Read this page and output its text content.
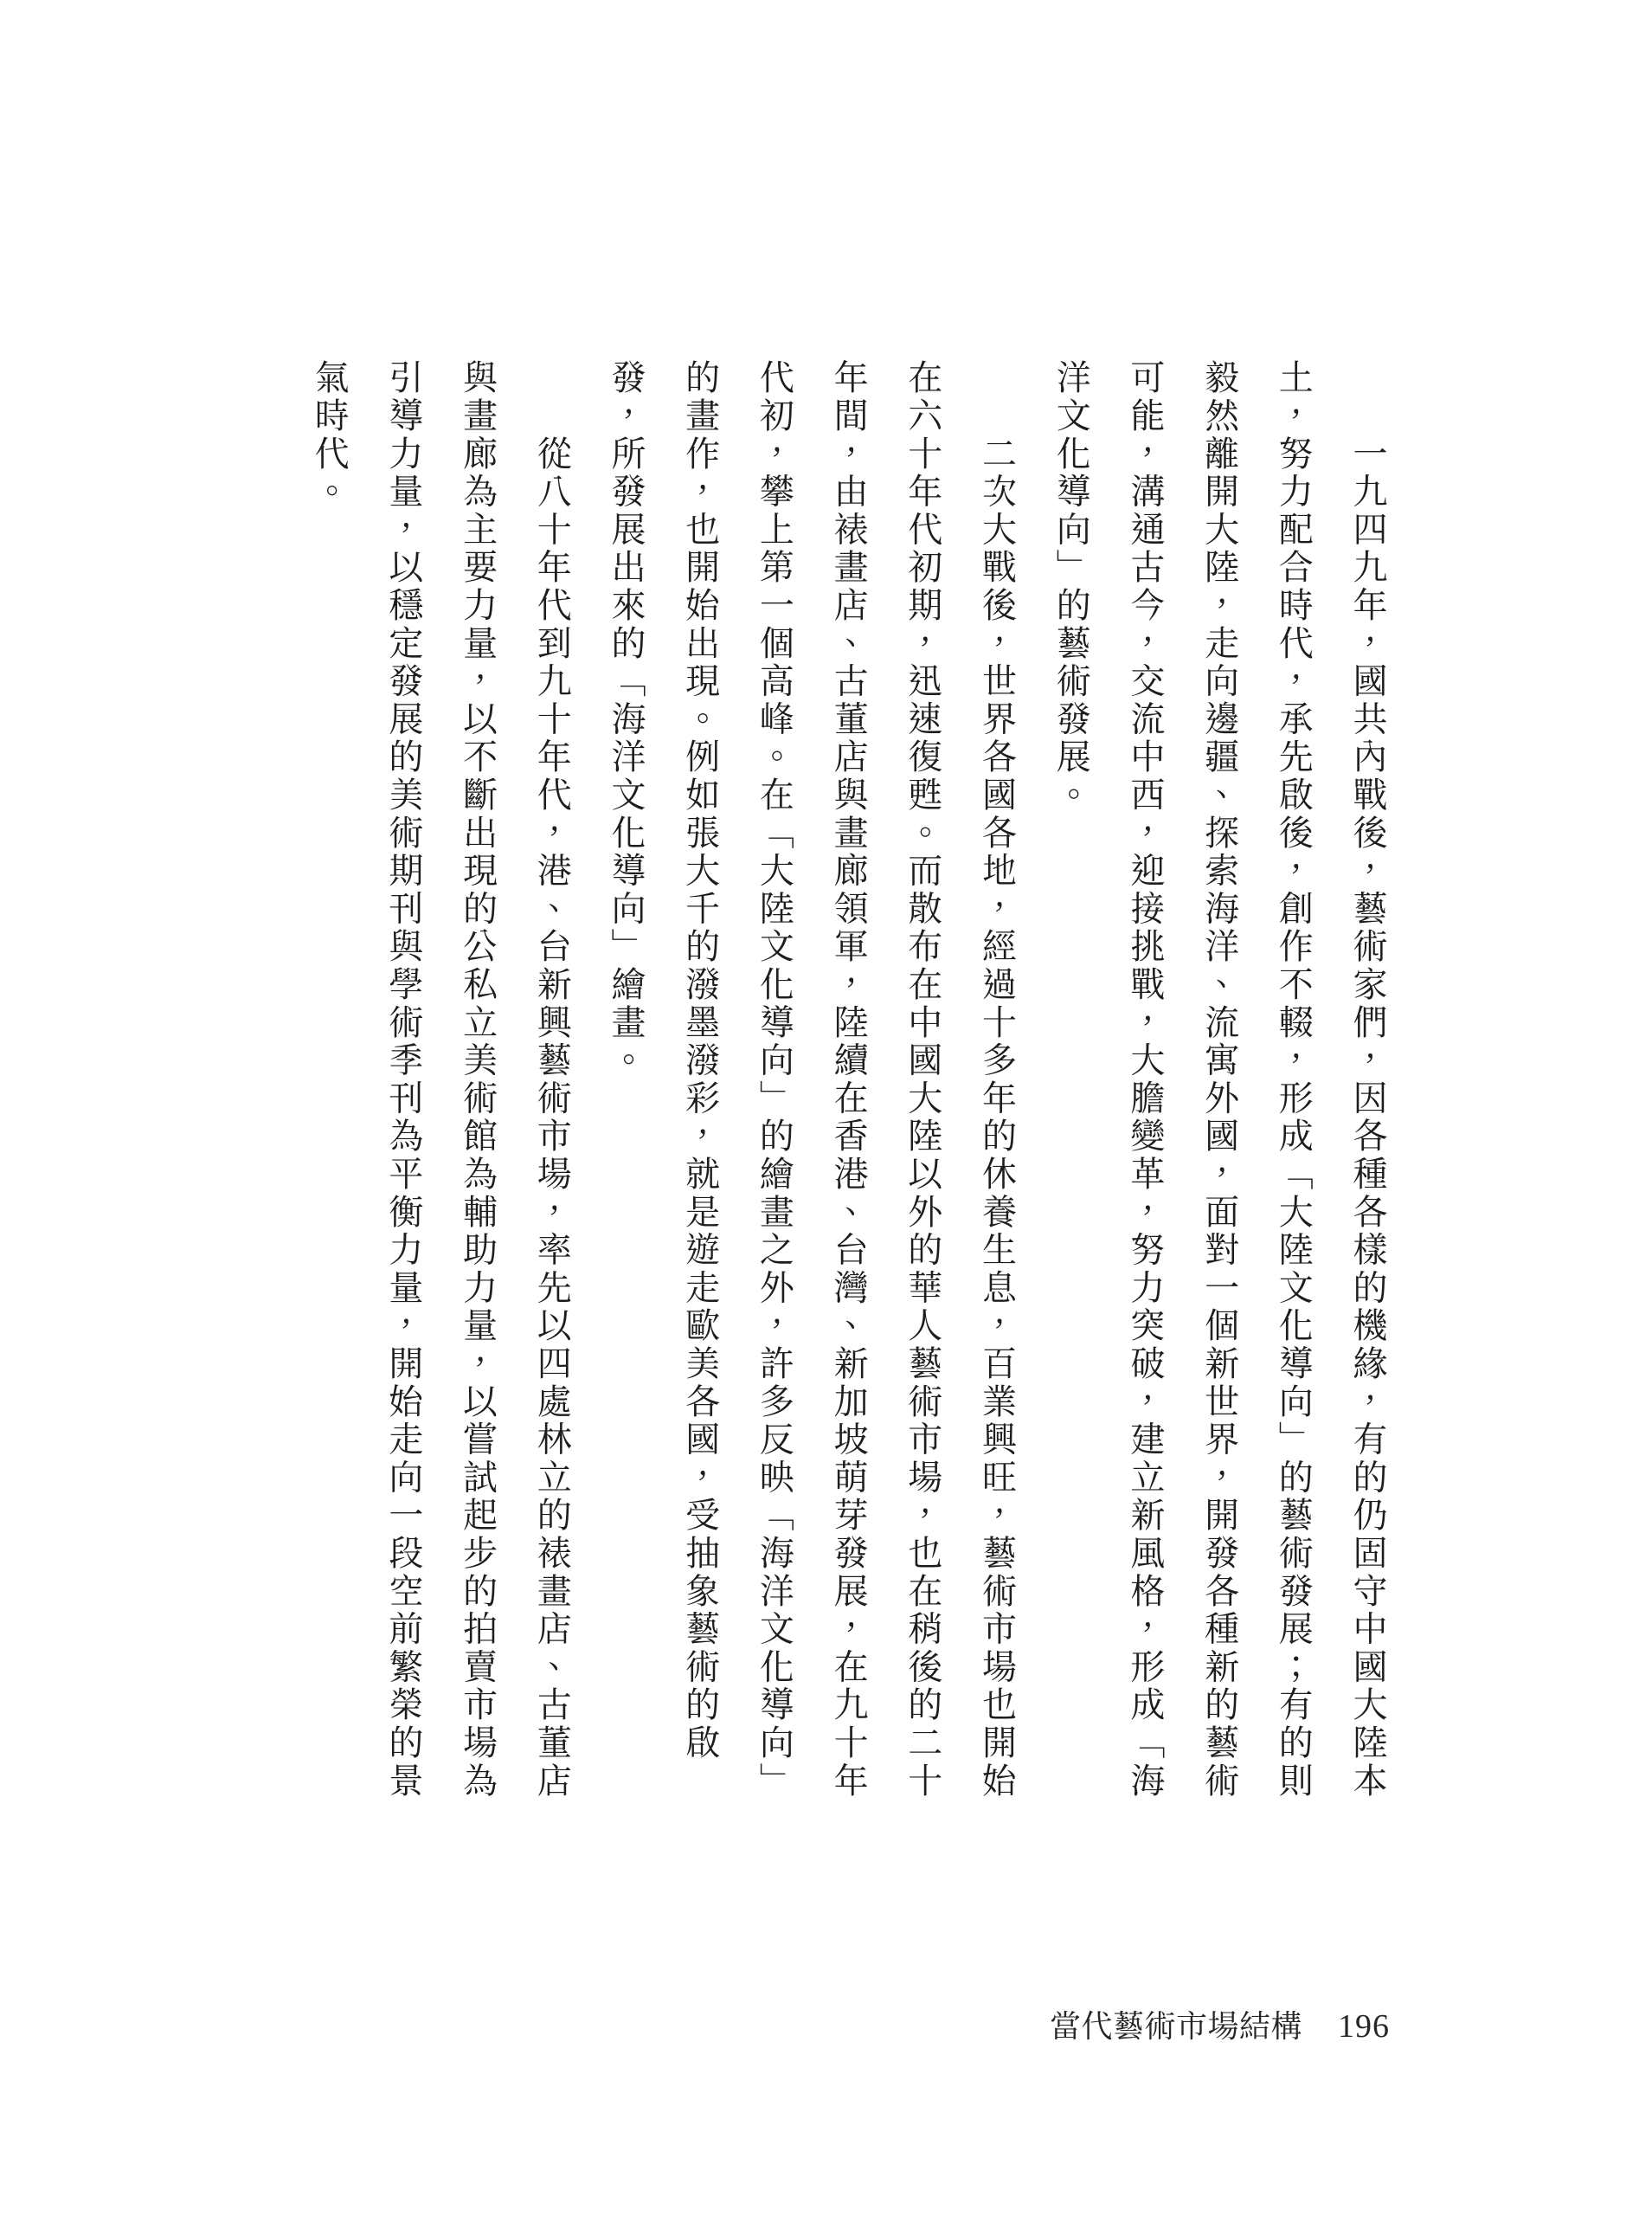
　　一九四九年，國共內戰後，藝術家們，因各種各樣的機緣，有的仍固守中國大陸本
土，努力配合時代，承先啟後，創作不輟，形成「大陸文化導向」的藝術發展；有的則
毅然離開大陸，走向邊疆、探索海洋、流寓外國，面對一個新世界，開發各種新的藝術
可能，溝通古今，交流中西，迎接挑戰，大膽變革，努力突破，建立新風格，形成「海
洋文化導向」的藝術發展。
　　二次大戰後，世界各國各地，經過十多年的休養生息，百業興旺，藝術市場也開始
在六十年代初期，迅速復甦。而散布在中國大陸以外的華人藝術市場，也在稍後的二十
年間，由裱畫店、古董店與畫廊領軍，陸續在香港、台灣、新加坡萌芽發展，在九十年
代初，攀上第一個高峰。在「大陸文化導向」的繪畫之外，許多反映「海洋文化導向」
的畫作，也開始出現。例如張大千的潑墨潑彩，就是遊走歐美各國，受抽象藝術的啟
發，所發展出來的「海洋文化導向」繪畫。
　　從八十年代到九十年代，港、台新興藝術市場，率先以四處林立的裱畫店、古董店
與畫廊為主要力量，以不斷出現的公私立美術館為輔助力量，以嘗試起步的拍賣市場為
引導力量，以穩定發展的美術期刊與學術季刊為平衡力量，開始走向一段空前繁榮的景
氣時代。
當代藝術市場結構 196
